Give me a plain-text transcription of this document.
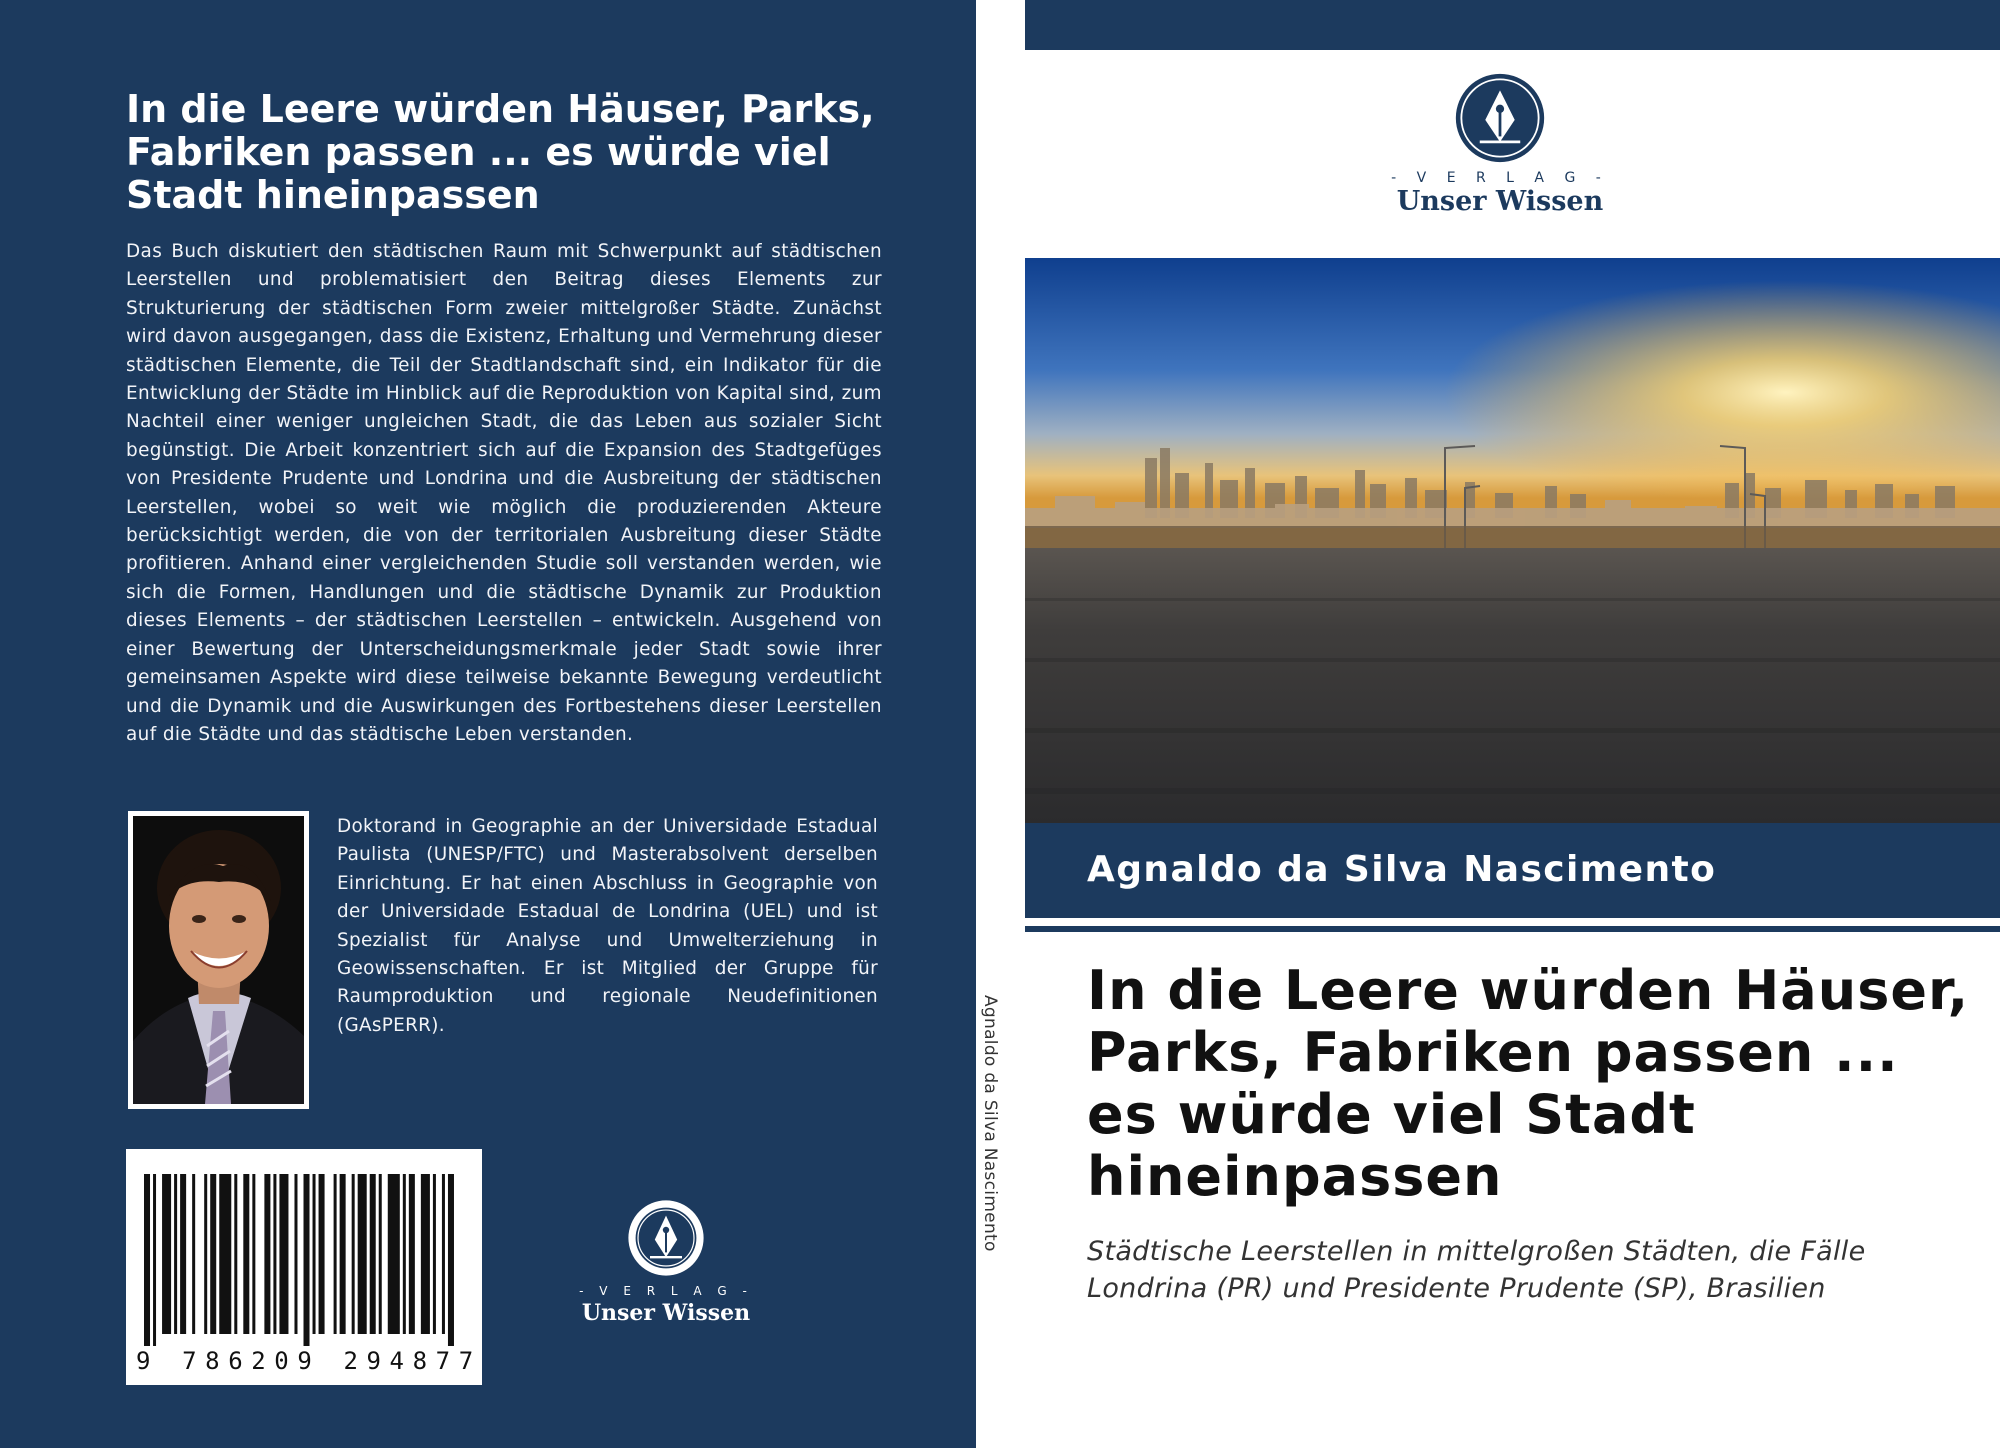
In die Leere würden Häuser, Parks, Fabriken passen ... es würde viel Stadt hineinpassen
Das Buch diskutiert den städtischen Raum mit Schwerpunkt auf städtischen Leerstellen und problematisiert den Beitrag dieses Elements zur Strukturierung der städtischen Form zweier mittelgroßer Städte. Zunächst wird davon ausgegangen, dass die Existenz, Erhaltung und Vermehrung dieser städtischen Elemente, die Teil der Stadtlandschaft sind, ein Indikator für die Entwicklung der Städte im Hinblick auf die Reproduktion von Kapital sind, zum Nachteil einer weniger ungleichen Stadt, die das Leben aus sozialer Sicht begünstigt. Die Arbeit konzentriert sich auf die Expansion des Stadtgefüges von Presidente Prudente und Londrina und die Ausbreitung der städtischen Leerstellen, wobei so weit wie möglich die produzierenden Akteure berücksichtigt werden, die von der territorialen Ausbreitung dieser Städte profitieren. Anhand einer vergleichenden Studie soll verstanden werden, wie sich die Formen, Handlungen und die städtische Dynamik zur Produktion dieses Elements – der städtischen Leerstellen – entwickeln. Ausgehend von einer Bewertung der Unterscheidungsmerkmale jeder Stadt sowie ihrer gemeinsamen Aspekte wird diese teilweise bekannte Bewegung verdeutlicht und die Dynamik und die Auswirkungen des Fortbestehens dieser Leerstellen auf die Städte und das städtische Leben verstanden.
Doktorand in Geographie an der Universidade Estadual Paulista (UNESP/FTC) und Masterabsolvent derselben Einrichtung. Er hat einen Abschluss in Geographie von der Universidade Estadual de Londrina (UEL) und ist Spezialist für Analyse und Umwelterziehung in Geowissenschaften. Er ist Mitglied der Gruppe für Raumproduktion und regionale Neudefinitionen (GAsPERR).
9 786209 294877
- V E R L A G -
Unser Wissen
Agnaldo da Silva Nascimento
- V E R L A G -
Unser Wissen
Agnaldo da Silva Nascimento
In die Leere würden Häuser, Parks, Fabriken passen ... es würde viel Stadt hineinpassen
Städtische Leerstellen in mittelgroßen Städten, die Fälle Londrina (PR) und Presidente Prudente (SP), Brasilien
